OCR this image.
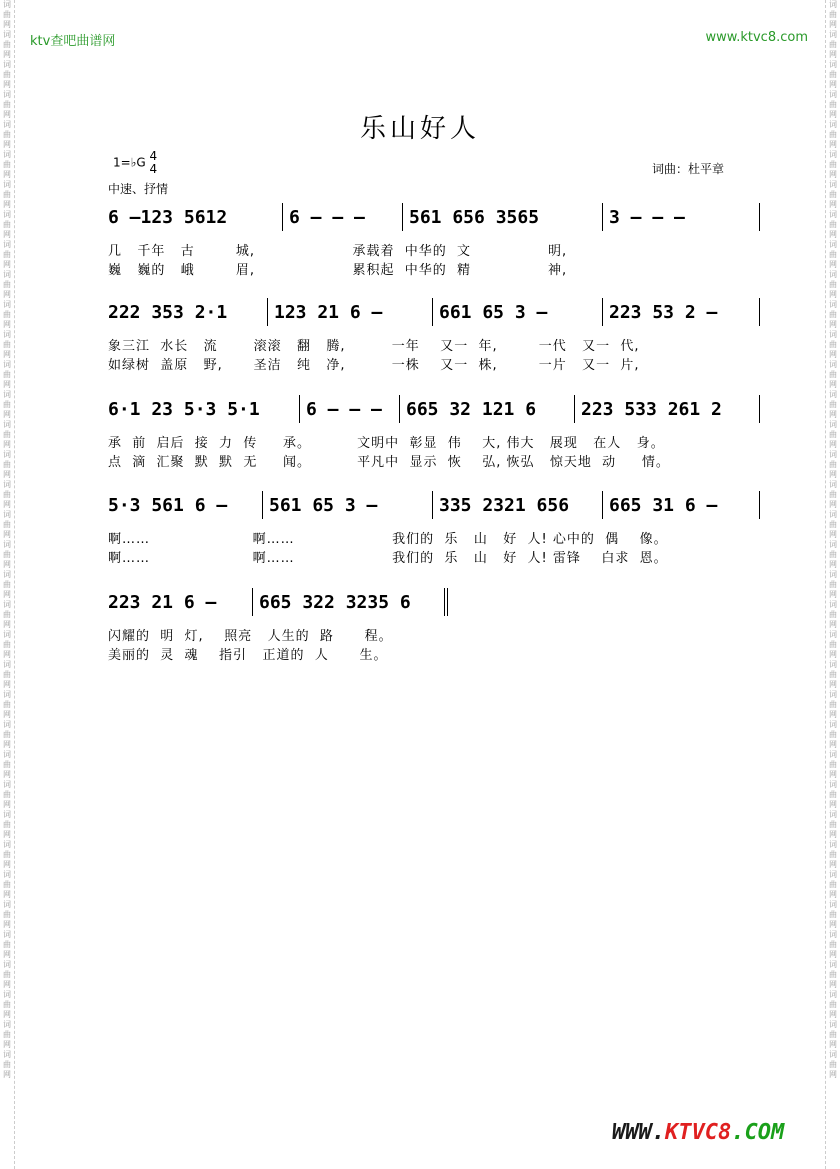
词曲网词曲网词曲网词曲网词曲网词曲网词曲网词曲网词曲网词曲网词曲网词曲网词曲网词曲网词曲网词曲网词曲网词曲网词曲网词曲网词曲网词曲网词曲网词曲网词曲网词曲网词曲网词曲网词曲网词曲网词曲网词曲网词曲网词曲网词曲网词曲网
词曲网词曲网词曲网词曲网词曲网词曲网词曲网词曲网词曲网词曲网词曲网词曲网词曲网词曲网词曲网词曲网词曲网词曲网词曲网词曲网词曲网词曲网词曲网词曲网词曲网词曲网词曲网词曲网词曲网词曲网词曲网词曲网词曲网词曲网词曲网词曲网
ktv查吧曲谱网	www.ktvc8.com
乐山好人
1=♭G 4
4
中速、抒情
词曲：杜平章
6 –123 5612	6 – – –	561 656 3565	3 – – –
几   千年   古        城,                   承载着  中华的  文               明,
巍   巍的   峨        眉,                   累积起  中华的  精               神,
222 353 2·1	123 21 6 –	661 65 3 –	223 53 2 –
象三江  水长   流       滚滚   翻   腾,         一年    又一  年,        一代   又一  代,
如绿树  盖原   野,      圣洁   纯   净,         一株    又一  株,        一片   又一  片,
6·1 23 5·3 5·1	6 – – –	665 32 121 6	223 533 261 2
承  前  启后  接  力  传     承。         文明中  彰显  伟    大, 伟大   展现   在人   身。
点  滴  汇聚  默  默  无     闻。         平凡中  显示  恢    弘, 恢弘   惊天地  动     情。
5·3 561 6 –	561 65 3 –	335 2321 656	665 31 6 –
啊……                    啊……                   我们的  乐   山   好  人! 心中的  偶    像。
啊……                    啊……                   我们的  乐   山   好  人! 雷锋    白求  恩。
223 21 6 –	665 322 3235 6
闪耀的  明  灯,    照亮   人生的  路      程。
美丽的  灵  魂    指引   正道的  人      生。
WWW.KTVC8.COM
